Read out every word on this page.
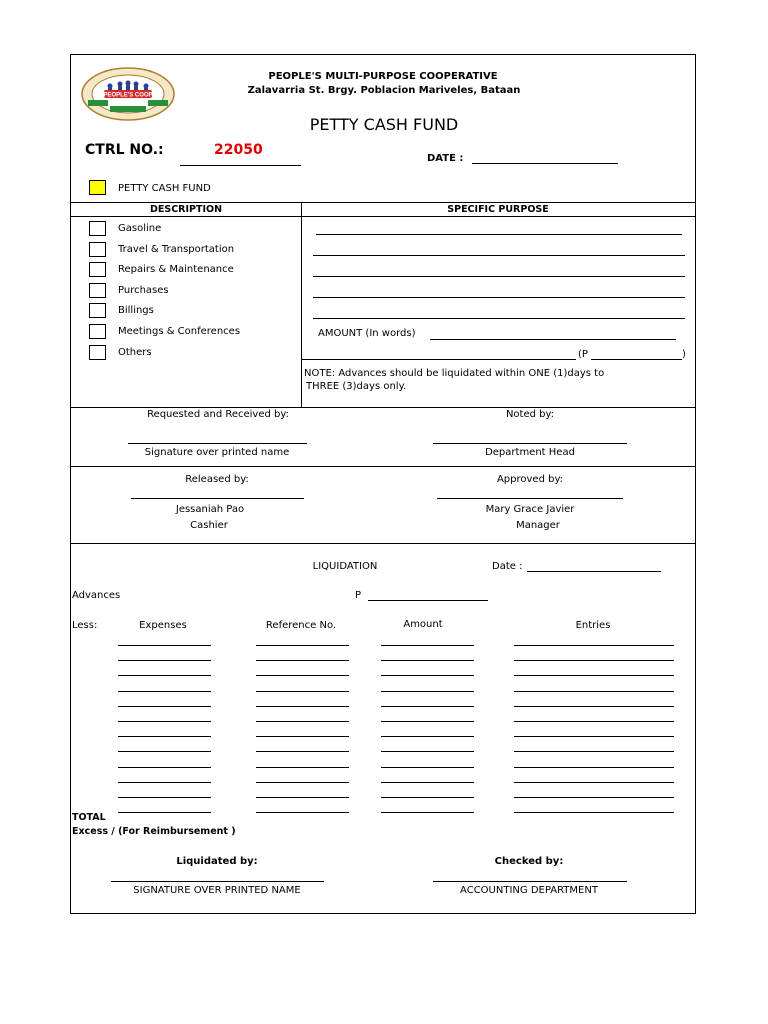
PEOPLE'S COOP
PEOPLE'S MULTI-PURPOSE COOPERATIVE
Zalavarria St. Brgy. Poblacion Mariveles, Bataan
PETTY CASH FUND
CTRL NO.:	22050
DATE :
PETTY CASH FUND
DESCRIPTION	SPECIFIC PURPOSE
Gasoline
Travel & Transportation
Repairs & Maintenance
Purchases
Billings
Meetings & Conferences
Others
AMOUNT (In words)
(P	)
NOTE: Advances should be liquidated within ONE (1)days to
THREE (3)days only.
Requested and Received by:
Signature over printed name
Noted by:
Department Head
Released by:
Jessaniah Pao
Cashier
Approved by:
Mary Grace Javier
Manager
LIQUIDATION	Date :
Advances	P
Less:	Expenses	Reference No.	Amount	Entries
TOTAL
Excess / (For Reimbursement )
Liquidated by:
SIGNATURE OVER PRINTED NAME
Checked by:
ACCOUNTING DEPARTMENT
